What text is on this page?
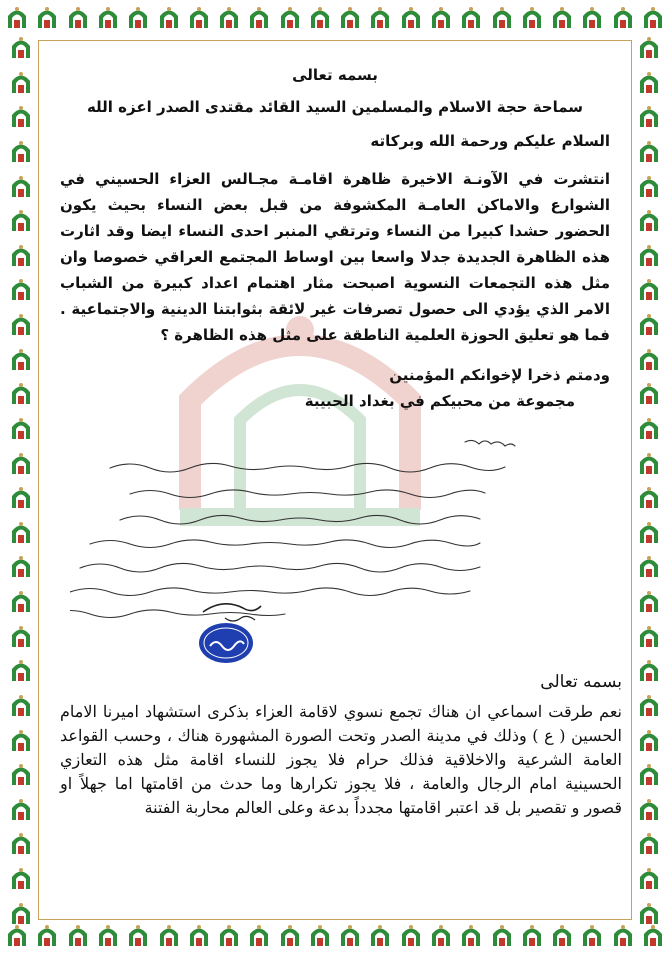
بسمه تعالى

سماحة حجة الاسلام والمسلمين السيد القائد مقتدى الصدر اعزه الله

السلام عليكم ورحمة الله وبركاته

انتشرت في الآونـة الاخيرة ظاهرة اقامـة مجـالس العزاء الحسيني في الشوارع والاماكن العامـة المكشوفة من قبل بعض النساء بحيث يكون الحضور حشدا كبيرا من النساء وترتقي المنبر احدى النساء ايضا وقد اثارت هذه الظاهرة الجديدة جدلا واسعا بين اوساط المجتمع العراقي خصوصا وان مثل هذه التجمعات النسوية اصبحت مثار اهتمام اعداد كبيرة من الشباب الامر الذي يؤدي الى حصول تصرفات غير لائقة بثوابتنا الدينية والاجتماعية . فما هو تعليق الحوزة العلمية الناطقة على مثل هذه الظاهرة ؟

ودمتم ذخرا لإخوانكم المؤمنين

مجموعة من محبيكم في بغداد الحبيبة

بسمه تعالى

نعم طرقت اسماعي ان هناك تجمع نسوي لاقامة العزاء بذكرى استشهاد اميرنا الامام الحسين ( ع ) وذلك في مدينة الصدر وتحت الصورة المشهورة هناك ، وحسب القواعد العامة الشرعية والاخلاقية فذلك حرام فلا يجوز للنساء اقامة مثل هذه التعازي الحسينية امام الرجال والعامة ، فلا يجوز تكرارها وما حدث من اقامتها اما جهلاً او قصور و تقصير بل قد اعتبر اقامتها مجدداً بدعة وعلى العالم محاربة الفتنة
